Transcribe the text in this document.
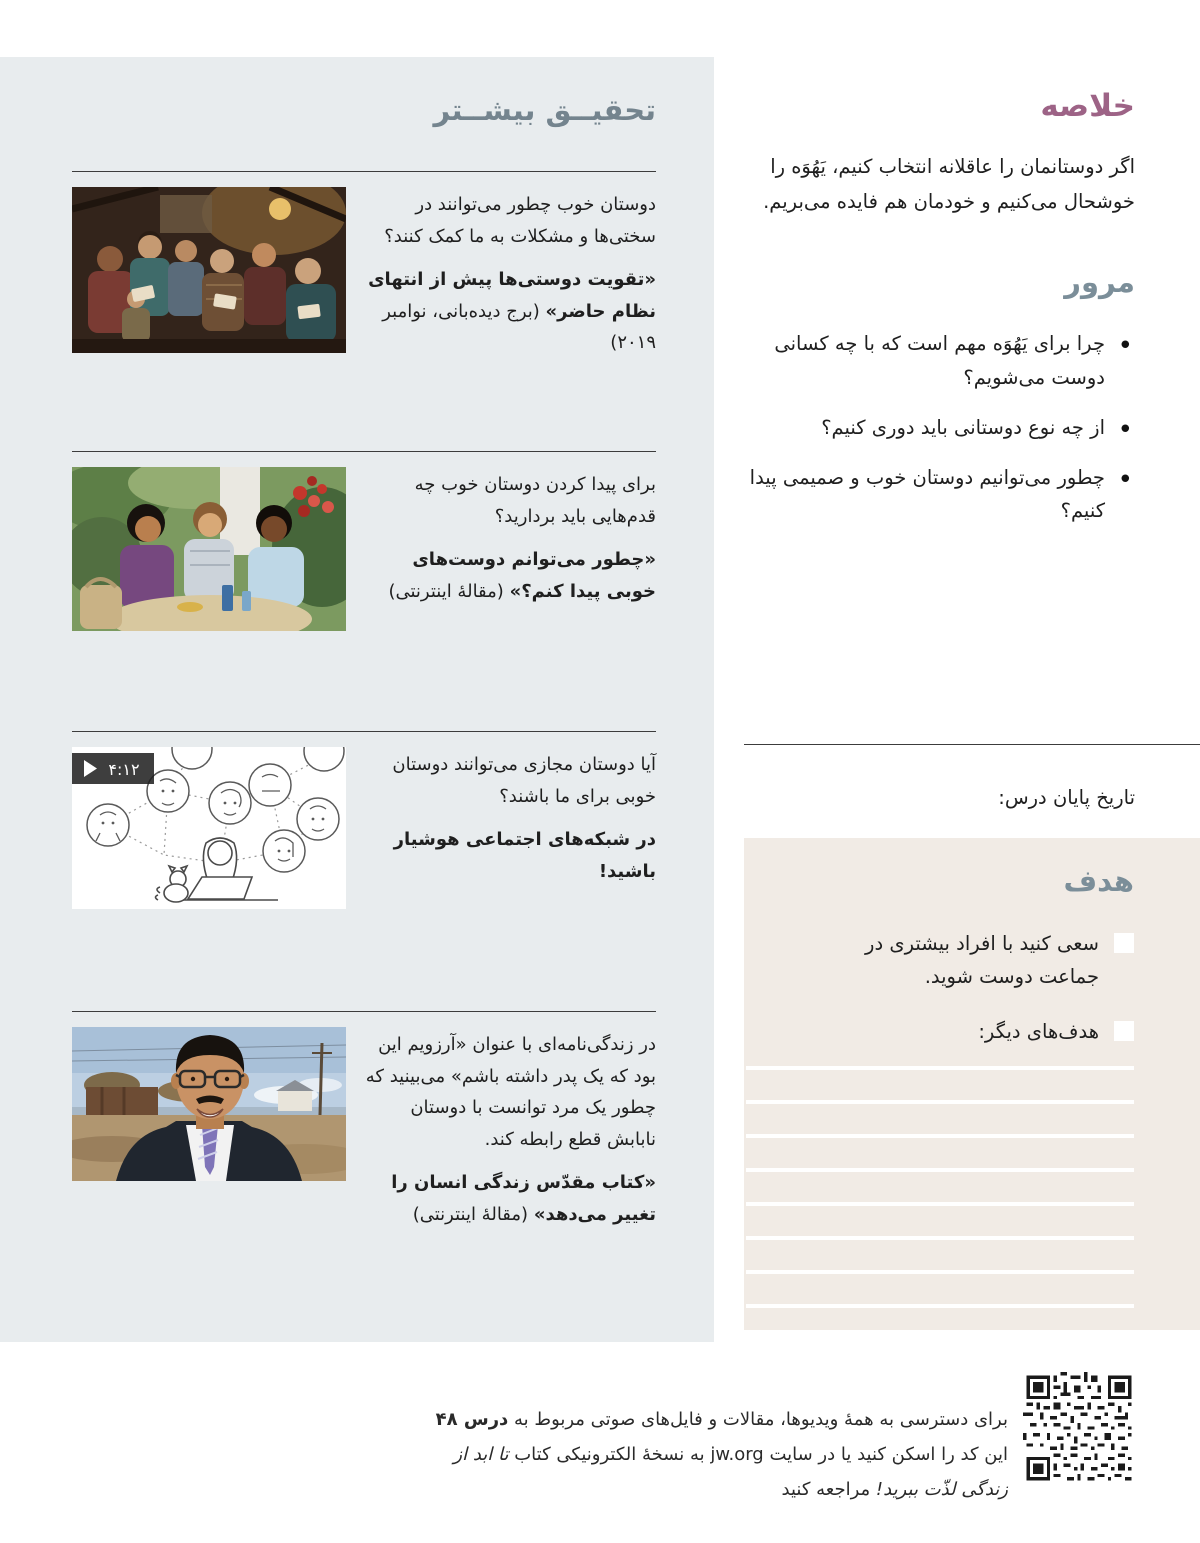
تحقیــق بیشــتر

دوستان خوب چطور می‌توانند در سختی‌ها و مشکلات به ما کمک کنند؟

«تقویت دوستی‌ها پیش از انتهای نظام حاضر» (برج دیده‌بانی، نوامبر ۲۰۱۹)

برای پیدا کردن دوستان خوب چه قدم‌هایی باید بردارید؟

«چطور می‌توانم دوست‌های خوبی پیدا کنم؟» (مقالهٔ اینترنتی)

آیا دوستان مجازی می‌توانند دوستان خوبی برای ما باشند؟

در شبکه‌های اجتماعی هوشیار باشید!

۴:۱۲

در زندگی‌نامه‌ای با عنوان «آرزویم این بود که یک پدر داشته باشم» می‌بینید که چطور یک مرد توانست با دوستان نابابش قطع رابطه کند.

«کتاب مقدّس زندگی انسان را تغییر می‌دهد» (مقالهٔ اینترنتی)

خلاصه

اگر دوستانمان را عاقلانه انتخاب کنیم، یَهُوَه را خوشحال می‌کنیم و خودمان هم فایده می‌بریم.

مرور
• چرا برای یَهُوَه مهم است که با چه کسانی دوست می‌شویم؟
• از چه نوع دوستانی باید دوری کنیم؟
• چطور می‌توانیم دوستان خوب و صمیمی پیدا کنیم؟

تاریخ پایان درس:

هدف
سعی کنید با افراد بیشتری در جماعت دوست شوید.
هدف‌های دیگر:

برای دسترسی به همهٔ ویدیوها، مقالات و فایل‌های صوتی مربوط به درس ۴۸ این کد را اسکن کنید یا در سایت jw.org به نسخهٔ الکترونیکی کتاب تا ابد از زندگی لذّت ببرید! مراجعه کنید
